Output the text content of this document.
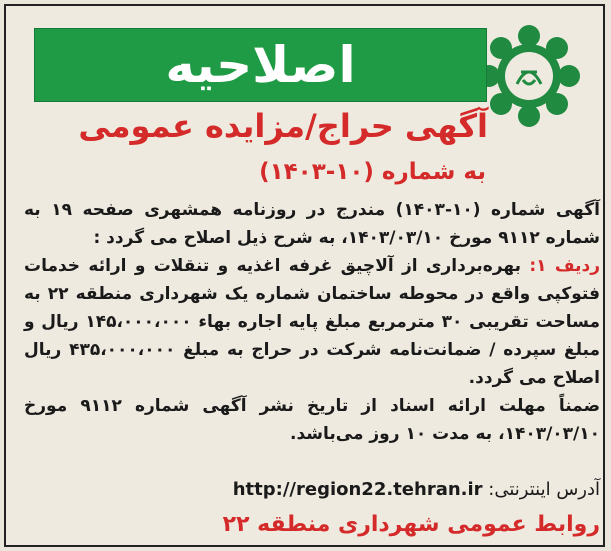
اصلاحیه
آگهی حراج/مزایده عمومی
به شماره (۱۰-۱۴۰۳)

آگهی شماره (۱۰-۱۴۰۳) مندرج در روزنامه همشهری صفحه ۱۹ به شماره ۹۱۱۲ مورخ ۱۴۰۳/۰۳/۱۰، به شرح ذیل اصلاح می گردد :

ردیف ۱: بهره‌برداری از آلاچیق غرفه اغذیه و تنقلات و ارائه خدمات فتوکپی واقع در محوطه ساختمان شماره یک شهرداری منطقه ۲۲ به مساحت تقریبی ۳۰ مترمربع مبلغ پایه اجاره بهاء ۱۴۵،۰۰۰،۰۰۰ ریال و مبلغ سپرده / ضمانت‌نامه شرکت در حراج به مبلغ ۴۳۵،۰۰۰،۰۰۰ ریال اصلاح می گردد.

ضمناً مهلت ارائه اسناد از تاریخ نشر آگهی شماره ۹۱۱۲ مورخ ۱۴۰۳/۰۳/۱۰، به مدت ۱۰ روز می‌باشد.

آدرس اینترنتی: http://region22.tehran.ir
روابط عمومی شهرداری منطقه ۲۲
